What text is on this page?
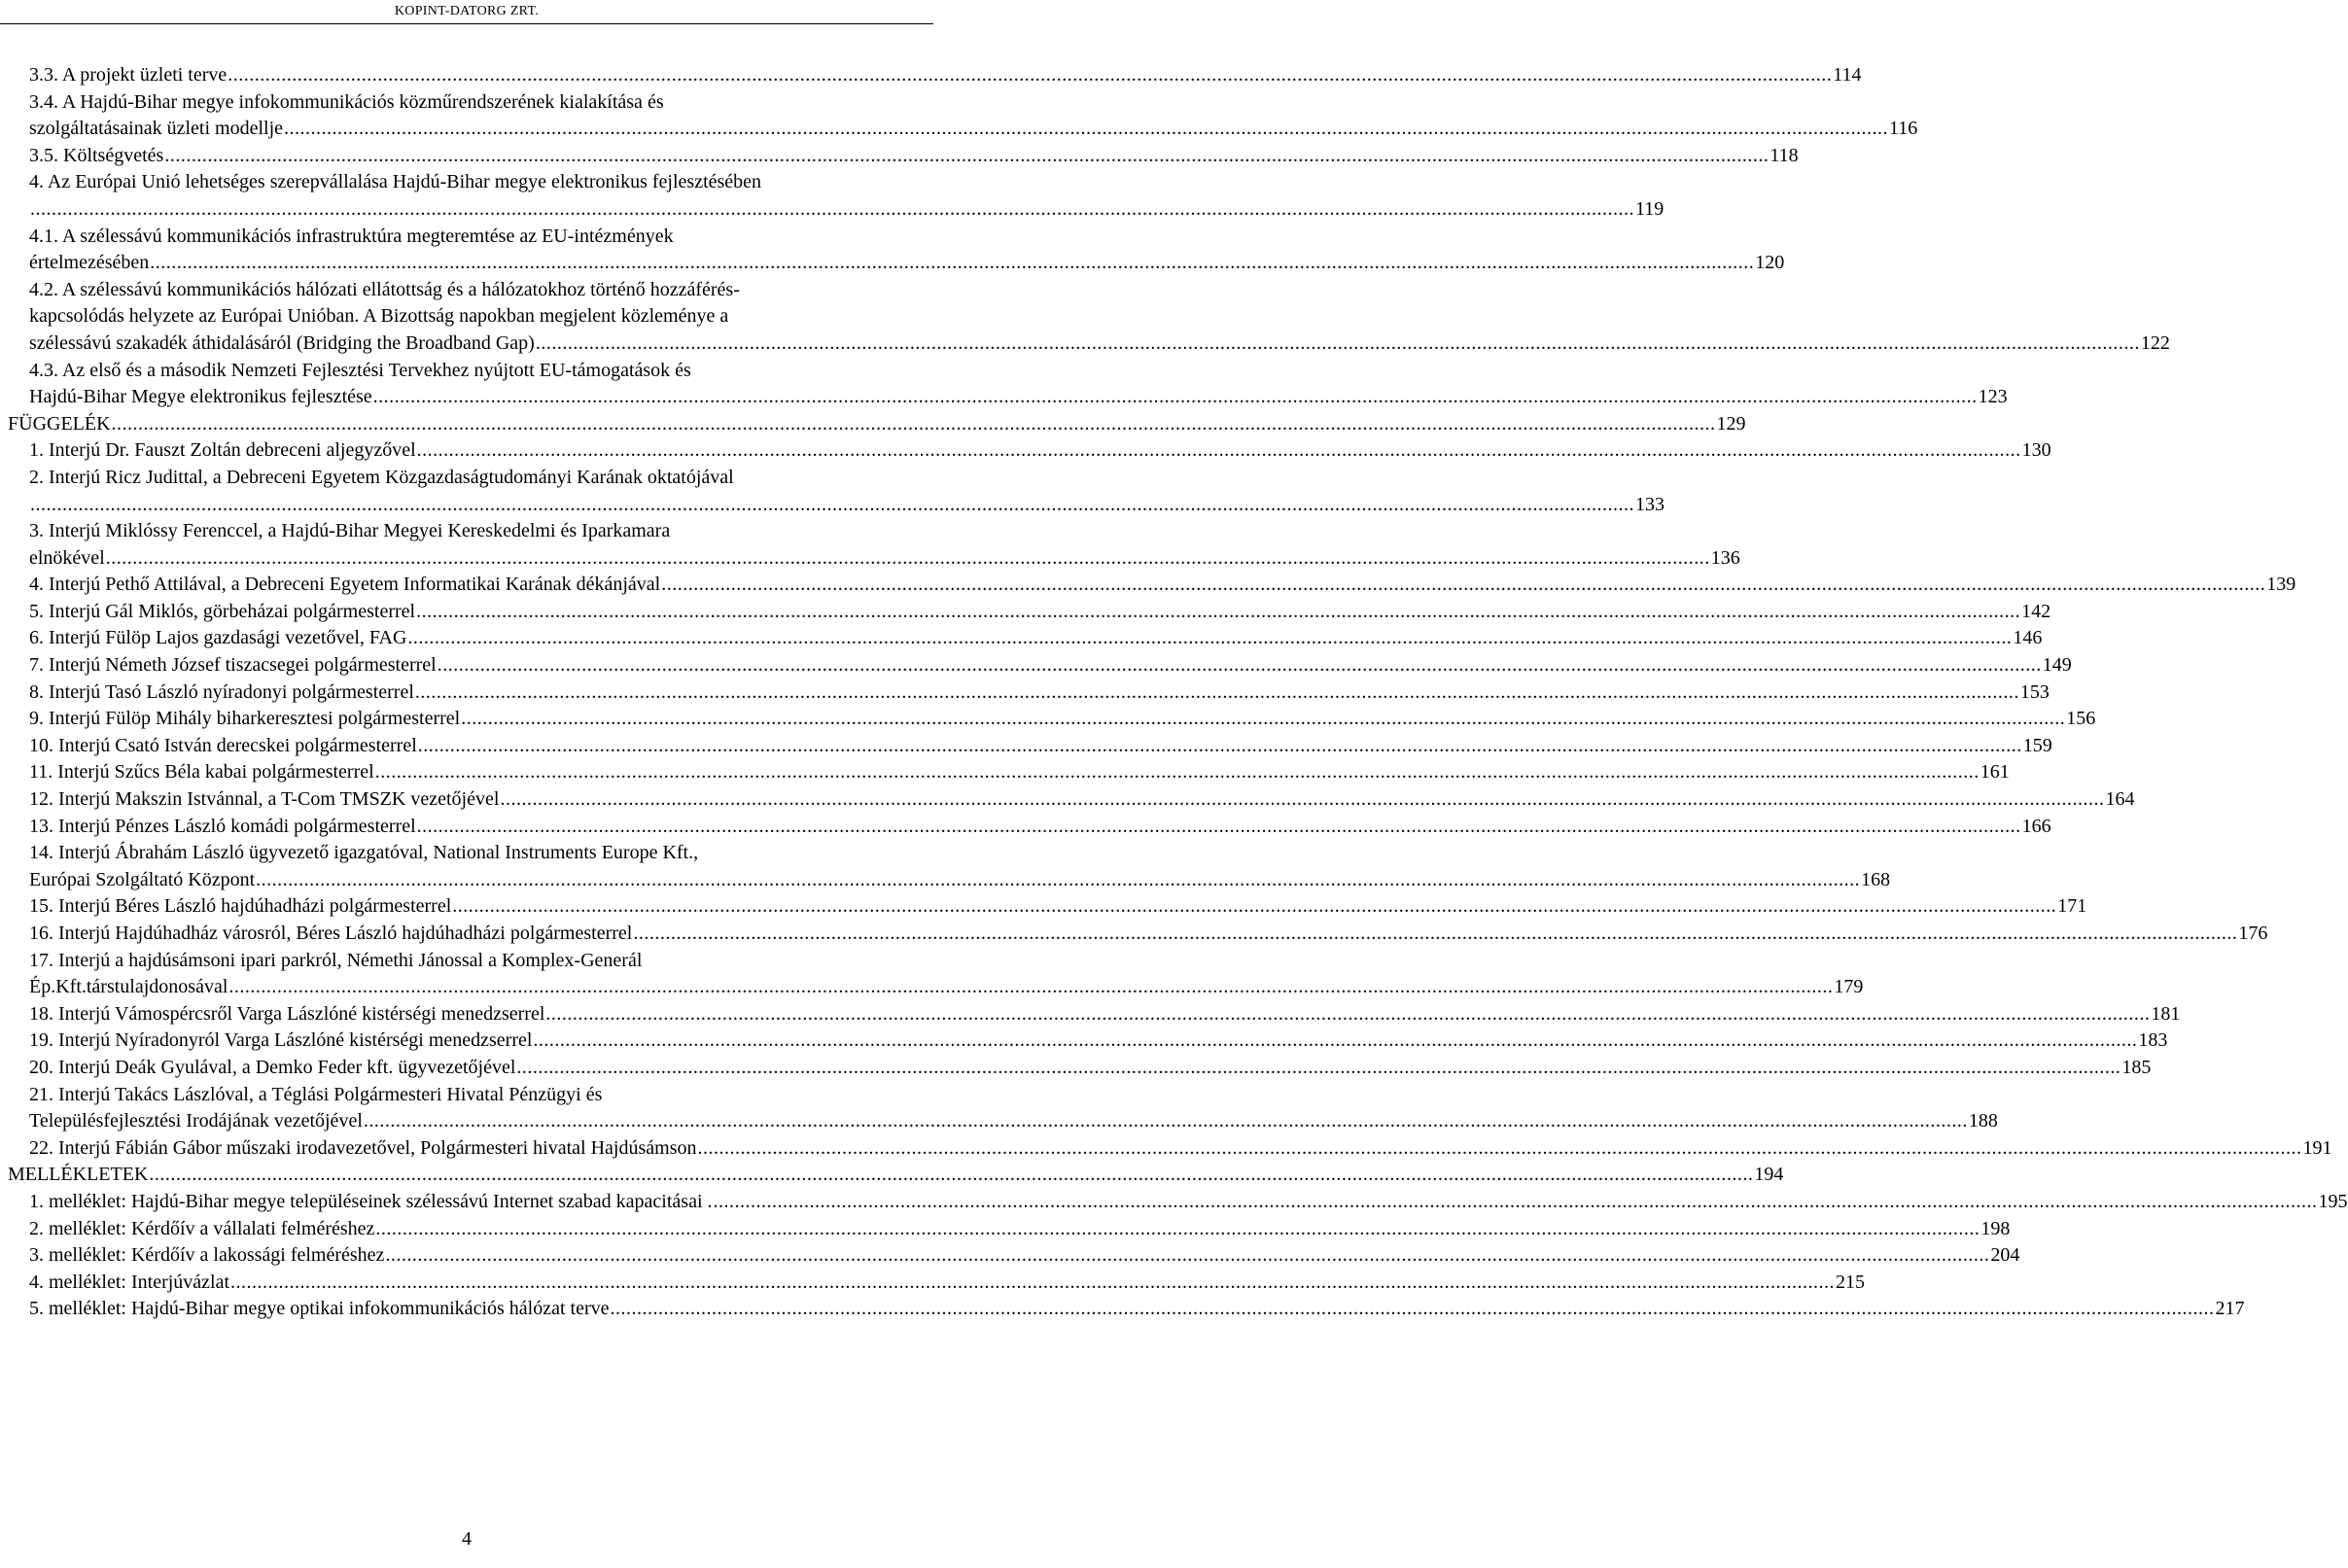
KOPINT-DATORG ZRT.
3.3. A projekt üzleti terve ............................................................................................................................................................................................................................................................................................................ 114
3.4. A Hajdú-Bihar megye infokommunikációs közműrendszerének kialakítása és
szolgáltatásainak üzleti modellje ............................................................................................................................................................................................................................................................................................................ 116
3.5. Költségvetés ............................................................................................................................................................................................................................................................................................................ 118
4. Az Európai Unió lehetséges szerepvállalása Hajdú-Bihar megye elektronikus fejlesztésében
............................................................................................................................................................................................................................................................................................................ 119
4.1. A szélessávú kommunikációs infrastruktúra megteremtése az EU-intézmények
értelmezésében ............................................................................................................................................................................................................................................................................................................ 120
4.2. A szélessávú kommunikációs hálózati ellátottság és a hálózatokhoz történő hozzáférés-
kapcsolódás helyzete az Európai Unióban. A Bizottság napokban megjelent közleménye a
szélessávú szakadék áthidalásáról (Bridging the Broadband Gap) ............................................................................................................................................................................................................................................................................................................ 122
4.3. Az első és a második Nemzeti Fejlesztési Tervekhez nyújtott EU-támogatások és
Hajdú-Bihar Megye elektronikus fejlesztése ............................................................................................................................................................................................................................................................................................................ 123
FÜGGELÉK ............................................................................................................................................................................................................................................................................................................ 129
1. Interjú Dr. Fauszt Zoltán debreceni aljegyzővel ............................................................................................................................................................................................................................................................................................................ 130
2. Interjú Ricz Judittal, a Debreceni Egyetem Közgazdaságtudományi Karának oktatójával
............................................................................................................................................................................................................................................................................................................ 133
3. Interjú Miklóssy Ferenccel, a Hajdú-Bihar Megyei Kereskedelmi és Iparkamara
elnökével ............................................................................................................................................................................................................................................................................................................ 136
4. Interjú Pethő Attilával, a Debreceni Egyetem Informatikai Karának dékánjával ............................................................................................................................................................................................................................................................................................................ 139
5. Interjú Gál Miklós, görbeházai polgármesterrel ............................................................................................................................................................................................................................................................................................................ 142
6. Interjú Fülöp Lajos gazdasági vezetővel, FAG ............................................................................................................................................................................................................................................................................................................ 146
7. Interjú Németh József tiszacsegei polgármesterrel ............................................................................................................................................................................................................................................................................................................ 149
8. Interjú Tasó László nyíradonyi polgármesterrel ............................................................................................................................................................................................................................................................................................................ 153
9. Interjú Fülöp Mihály biharkeresztesi polgármesterrel ............................................................................................................................................................................................................................................................................................................ 156
10. Interjú Csató István derecskei polgármesterrel ............................................................................................................................................................................................................................................................................................................ 159
11. Interjú Szűcs Béla kabai polgármesterrel ............................................................................................................................................................................................................................................................................................................ 161
12. Interjú Makszin Istvánnal, a T-Com TMSZK vezetőjével ............................................................................................................................................................................................................................................................................................................ 164
13. Interjú Pénzes László komádi polgármesterrel ............................................................................................................................................................................................................................................................................................................ 166
14. Interjú Ábrahám László ügyvezető igazgatóval, National Instruments Europe Kft.,
Európai Szolgáltató Központ ............................................................................................................................................................................................................................................................................................................ 168
15. Interjú Béres László hajdúhadházi polgármesterrel ............................................................................................................................................................................................................................................................................................................ 171
16. Interjú Hajdúhadház városról, Béres László hajdúhadházi polgármesterrel ............................................................................................................................................................................................................................................................................................................ 176
17. Interjú a hajdúsámsoni ipari parkról, Némethi Jánossal a Komplex-Generál
Ép.Kft.társtulajdonosával ............................................................................................................................................................................................................................................................................................................ 179
18. Interjú Vámospércsről Varga Lászlóné kistérségi menedzserrel ............................................................................................................................................................................................................................................................................................................ 181
19. Interjú Nyíradonyról Varga Lászlóné kistérségi menedzserrel ............................................................................................................................................................................................................................................................................................................ 183
20. Interjú Deák Gyulával, a Demko Feder kft. ügyvezetőjével ............................................................................................................................................................................................................................................................................................................ 185
21. Interjú Takács Lászlóval, a Téglási Polgármesteri Hivatal Pénzügyi és
Településfejlesztési Irodájának vezetőjével ............................................................................................................................................................................................................................................................................................................ 188
22. Interjú Fábián Gábor műszaki irodavezetővel, Polgármesteri hivatal Hajdúsámson ............................................................................................................................................................................................................................................................................................................ 191
MELLÉKLETEK ............................................................................................................................................................................................................................................................................................................ 194
1. melléklet: Hajdú-Bihar megye településeinek szélessávú Internet szabad kapacitásai . ............................................................................................................................................................................................................................................................................................................ 195
2. melléklet: Kérdőív a vállalati felméréshez ............................................................................................................................................................................................................................................................................................................ 198
3. melléklet: Kérdőív a lakossági felméréshez ............................................................................................................................................................................................................................................................................................................ 204
4. melléklet: Interjúvázlat ............................................................................................................................................................................................................................................................................................................ 215
5. melléklet: Hajdú-Bihar megye optikai infokommunikációs hálózat terve ............................................................................................................................................................................................................................................................................................................ 217
4
